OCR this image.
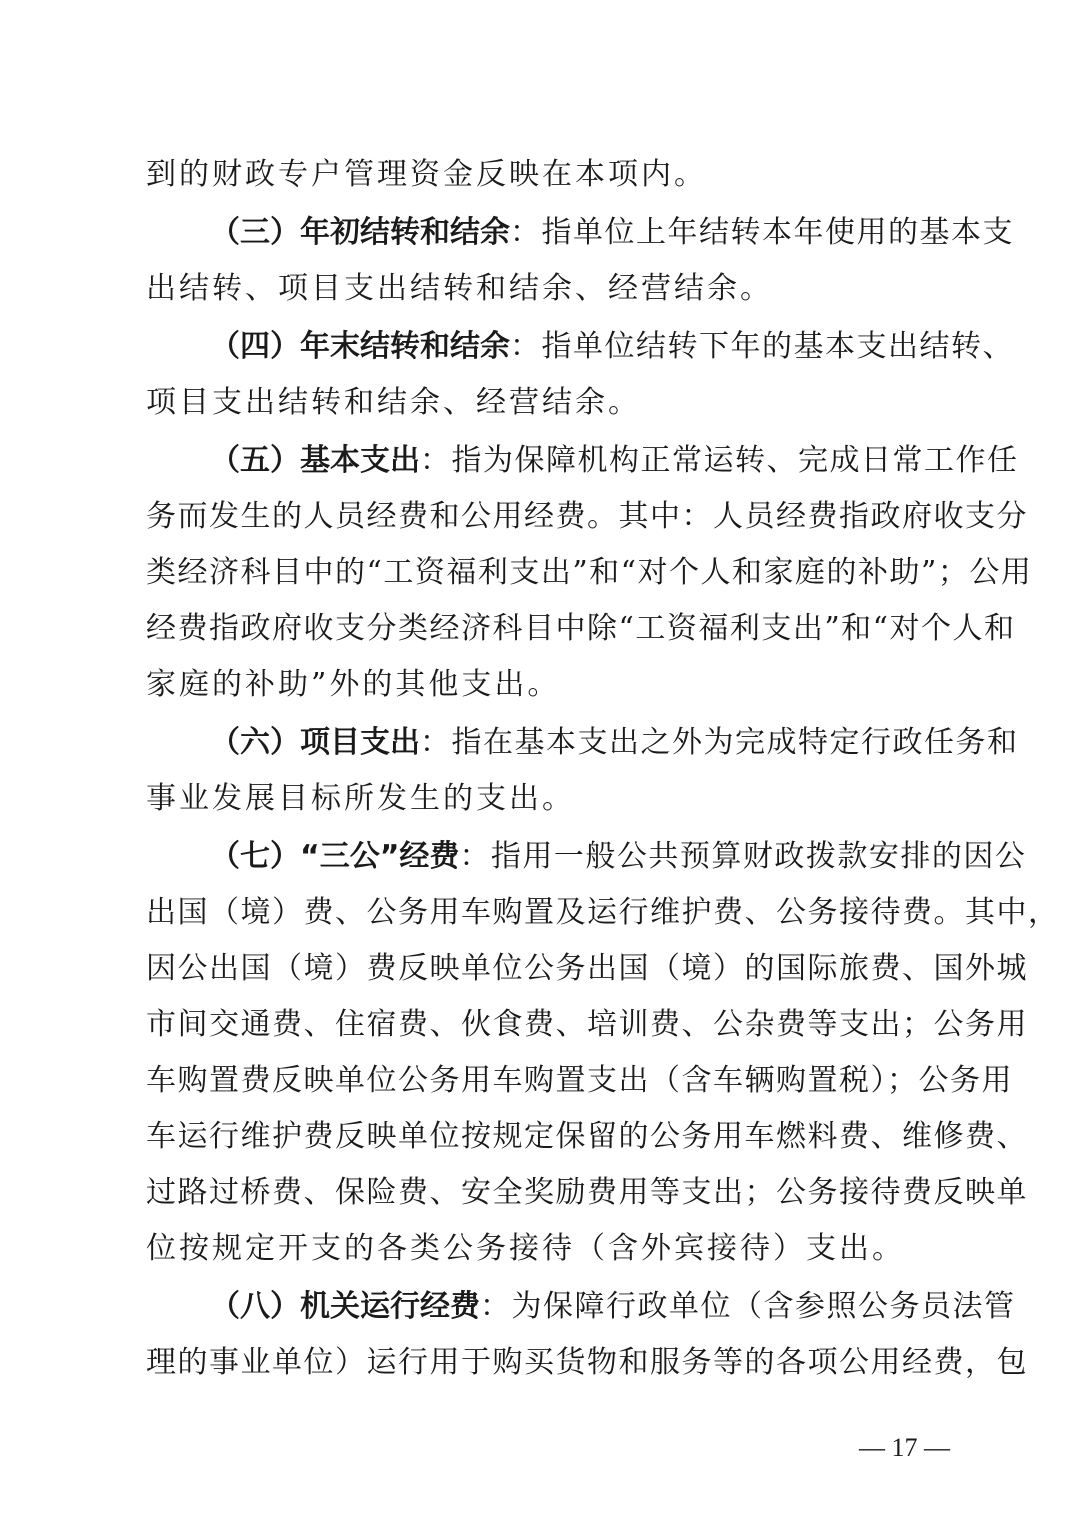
到的财政专户管理资金反映在本项内。
（三）年初结转和结余：指单位上年结转本年使用的基本支
出结转、项目支出结转和结余、经营结余。
（四）年末结转和结余：指单位结转下年的基本支出结转、
项目支出结转和结余、经营结余。
（五）基本支出：指为保障机构正常运转、完成日常工作任
务而发生的人员经费和公用经费。其中：人员经费指政府收支分
类经济科目中的“工资福利支出”和“对个人和家庭的补助”；公用
经费指政府收支分类经济科目中除“工资福利支出”和“对个人和
家庭的补助”外的其他支出。
（六）项目支出：指在基本支出之外为完成特定行政任务和
事业发展目标所发生的支出。
（七）“三公”经费：指用一般公共预算财政拨款安排的因公
出国（境）费、公务用车购置及运行维护费、公务接待费。其中，
因公出国（境）费反映单位公务出国（境）的国际旅费、国外城
市间交通费、住宿费、伙食费、培训费、公杂费等支出；公务用
车购置费反映单位公务用车购置支出（含车辆购置税）；公务用
车运行维护费反映单位按规定保留的公务用车燃料费、维修费、
过路过桥费、保险费、安全奖励费用等支出；公务接待费反映单
位按规定开支的各类公务接待（含外宾接待）支出。
（八）机关运行经费：为保障行政单位（含参照公务员法管
理的事业单位）运行用于购买货物和服务等的各项公用经费，包
— 17 —
